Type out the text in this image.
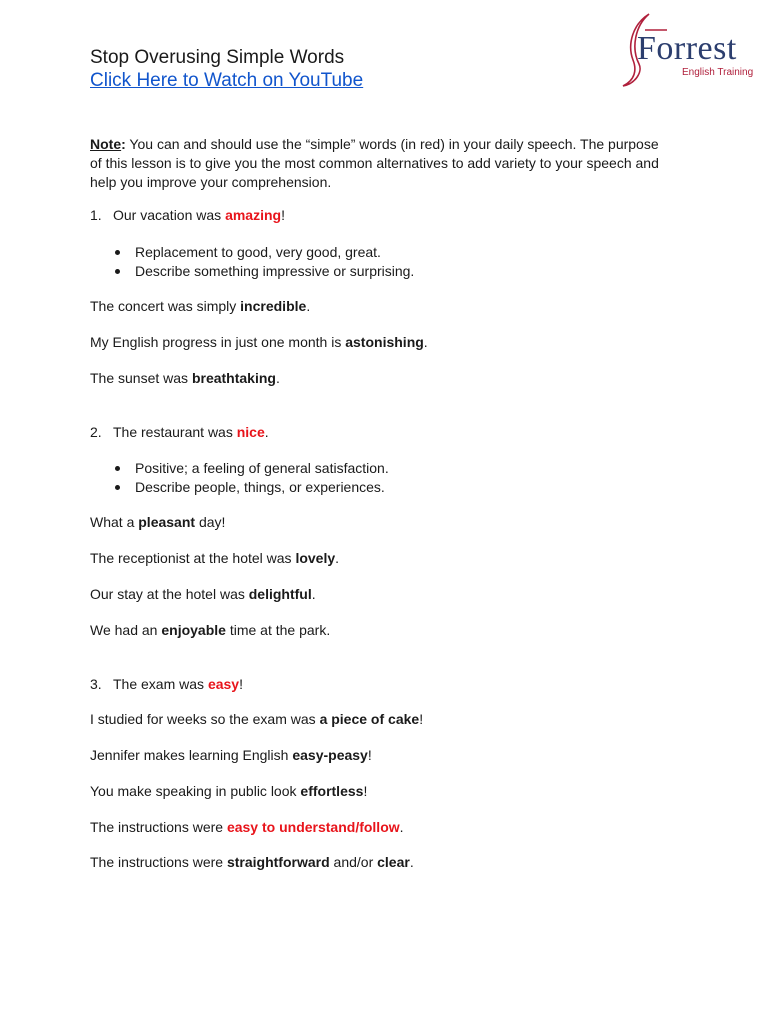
Stop Overusing Simple Words
Click Here to Watch on YouTube
Forrest
English Training

Note: You can and should use the “simple” words (in red) in your daily speech. The purpose of this lesson is to give you the most common alternatives to add variety to your speech and help you improve your comprehension.

1. Our vacation was amazing!

Replacement to good, very good, great.
Describe something impressive or surprising.

The concert was simply incredible.

My English progress in just one month is astonishing.

The sunset was breathtaking.

2. The restaurant was nice.

Positive; a feeling of general satisfaction.
Describe people, things, or experiences.

What a pleasant day!

The receptionist at the hotel was lovely.

Our stay at the hotel was delightful.

We had an enjoyable time at the park.

3. The exam was easy!

I studied for weeks so the exam was a piece of cake!

Jennifer makes learning English easy-peasy!

You make speaking in public look effortless!

The instructions were easy to understand/follow.

The instructions were straightforward and/or clear.
